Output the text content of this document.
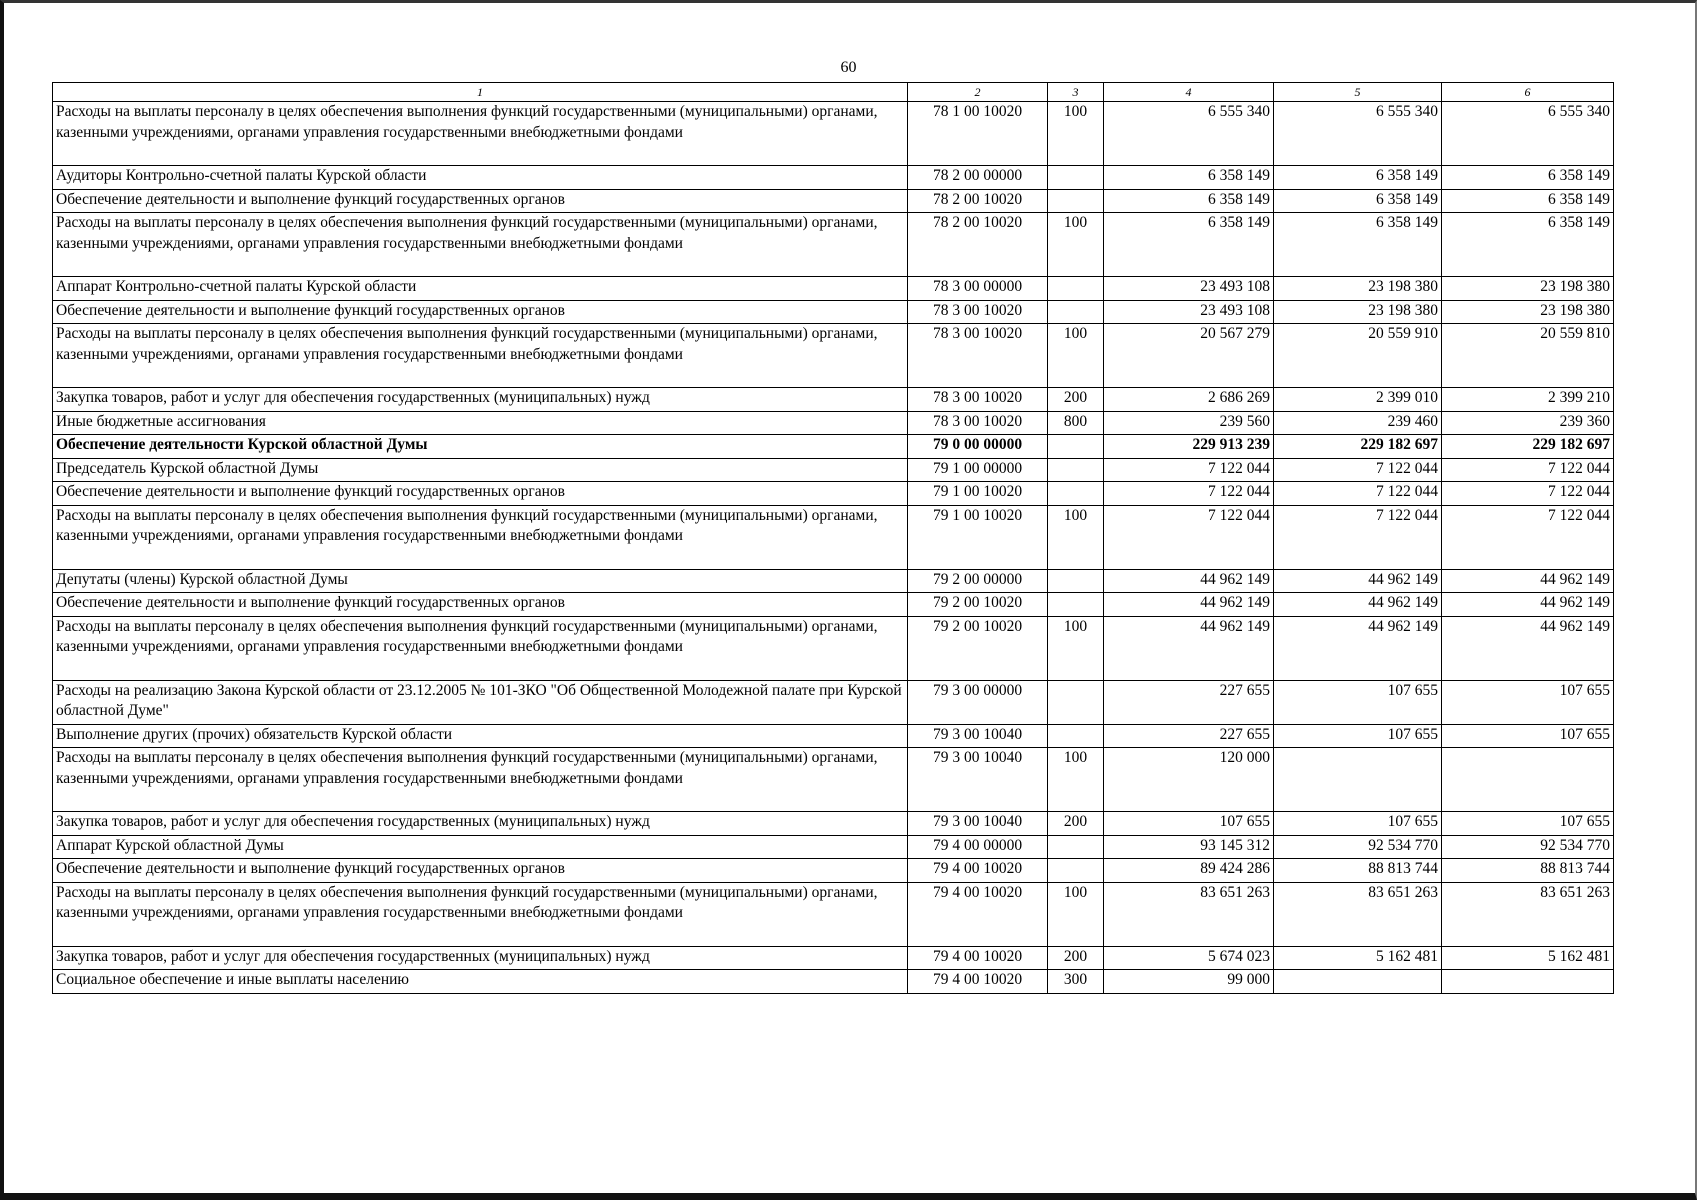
60
1	2	3	4	5	6
Расходы на выплаты персоналу в целях обеспечения выполнения функций государственными (муниципальными) органами, казенными учреждениями, органами управления государственными внебюджетными фондами	78 1 00 10020	100	6 555 340	6 555 340	6 555 340
Аудиторы Контрольно-счетной палаты Курской области	78 2 00 00000		6 358 149	6 358 149	6 358 149
Обеспечение деятельности и выполнение функций государственных органов	78 2 00 10020		6 358 149	6 358 149	6 358 149
Расходы на выплаты персоналу в целях обеспечения выполнения функций государственными (муниципальными) органами, казенными учреждениями, органами управления государственными внебюджетными фондами	78 2 00 10020	100	6 358 149	6 358 149	6 358 149
Аппарат Контрольно-счетной палаты Курской области	78 3 00 00000		23 493 108	23 198 380	23 198 380
Обеспечение деятельности и выполнение функций государственных органов	78 3 00 10020		23 493 108	23 198 380	23 198 380
Расходы на выплаты персоналу в целях обеспечения выполнения функций государственными (муниципальными) органами, казенными учреждениями, органами управления государственными внебюджетными фондами	78 3 00 10020	100	20 567 279	20 559 910	20 559 810
Закупка товаров, работ и услуг для обеспечения государственных (муниципальных) нужд	78 3 00 10020	200	2 686 269	2 399 010	2 399 210
Иные бюджетные ассигнования	78 3 00 10020	800	239 560	239 460	239 360
Обеспечение деятельности Курской областной Думы	79 0 00 00000		229 913 239	229 182 697	229 182 697
Председатель Курской областной Думы	79 1 00 00000		7 122 044	7 122 044	7 122 044
Обеспечение деятельности и выполнение функций государственных органов	79 1 00 10020		7 122 044	7 122 044	7 122 044
Расходы на выплаты персоналу в целях обеспечения выполнения функций государственными (муниципальными) органами, казенными учреждениями, органами управления государственными внебюджетными фондами	79 1 00 10020	100	7 122 044	7 122 044	7 122 044
Депутаты (члены) Курской областной Думы	79 2 00 00000		44 962 149	44 962 149	44 962 149
Обеспечение деятельности и выполнение функций государственных органов	79 2 00 10020		44 962 149	44 962 149	44 962 149
Расходы на выплаты персоналу в целях обеспечения выполнения функций государственными (муниципальными) органами, казенными учреждениями, органами управления государственными внебюджетными фондами	79 2 00 10020	100	44 962 149	44 962 149	44 962 149
Расходы на реализацию Закона Курской области от 23.12.2005 № 101-ЗКО "Об Общественной Молодежной палате при Курской областной Думе"	79 3 00 00000		227 655	107 655	107 655
Выполнение других (прочих) обязательств Курской области	79 3 00 10040		227 655	107 655	107 655
Расходы на выплаты персоналу в целях обеспечения выполнения функций государственными (муниципальными) органами, казенными учреждениями, органами управления государственными внебюджетными фондами	79 3 00 10040	100	120 000		
Закупка товаров, работ и услуг для обеспечения государственных (муниципальных) нужд	79 3 00 10040	200	107 655	107 655	107 655
Аппарат Курской областной Думы	79 4 00 00000		93 145 312	92 534 770	92 534 770
Обеспечение деятельности и выполнение функций государственных органов	79 4 00 10020		89 424 286	88 813 744	88 813 744
Расходы на выплаты персоналу в целях обеспечения выполнения функций государственными (муниципальными) органами, казенными учреждениями, органами управления государственными внебюджетными фондами	79 4 00 10020	100	83 651 263	83 651 263	83 651 263
Закупка товаров, работ и услуг для обеспечения государственных (муниципальных) нужд	79 4 00 10020	200	5 674 023	5 162 481	5 162 481
Социальное обеспечение и иные выплаты населению	79 4 00 10020	300	99 000		
